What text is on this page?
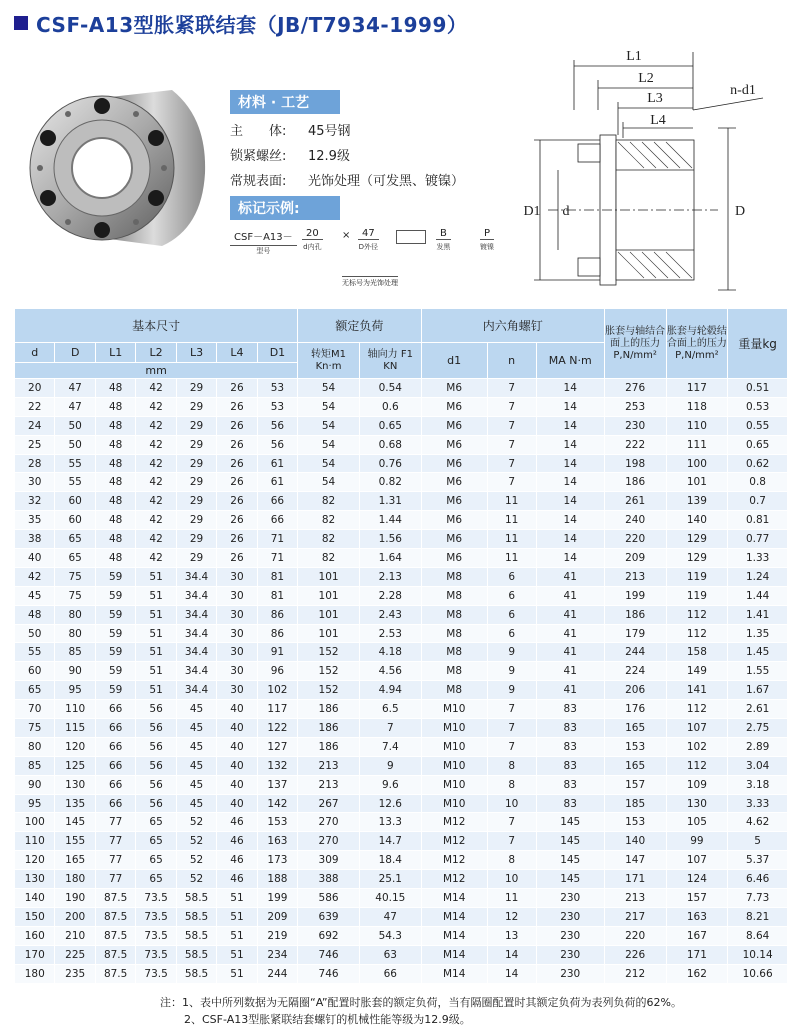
CSF-A13型胀紧联结套（JB/T7934-1999）
材料 · 工艺
主　　体: 45号钢
锁紧螺丝: 12.9级
常规表面: 光饰处理（可发黑、镀镍）
标记示例:
CSF－A13－
型号
20
d内孔
×	47
D外径
B
发黑
P
镀镍
无标号为光饰处理
L1
L2
L3
L4
n-d1
D1 d	D
基本尺寸							额定负荷		内六角螺钉			胀套与轴结合面上的压力P,N/mm²	胀套与轮毂结合面上的压力P,N/mm²	重量kg
d	D	L1	L2	L3	L4	D1	转矩M1 Kn·m	轴向力 F1 KN	d1	n	MA N·m			
mm														
20	47	48	42	29	26	53	54	0.54	M6	7	14	276	117	0.51
22	47	48	42	29	26	53	54	0.6	M6	7	14	253	118	0.53
24	50	48	42	29	26	56	54	0.65	M6	7	14	230	110	0.55
25	50	48	42	29	26	56	54	0.68	M6	7	14	222	111	0.65
28	55	48	42	29	26	61	54	0.76	M6	7	14	198	100	0.62
30	55	48	42	29	26	61	54	0.82	M6	7	14	186	101	0.8
32	60	48	42	29	26	66	82	1.31	M6	11	14	261	139	0.7
35	60	48	42	29	26	66	82	1.44	M6	11	14	240	140	0.81
38	65	48	42	29	26	71	82	1.56	M6	11	14	220	129	0.77
40	65	48	42	29	26	71	82	1.64	M6	11	14	209	129	1.33
42	75	59	51	34.4	30	81	101	2.13	M8	6	41	213	119	1.24
45	75	59	51	34.4	30	81	101	2.28	M8	6	41	199	119	1.44
48	80	59	51	34.4	30	86	101	2.43	M8	6	41	186	112	1.41
50	80	59	51	34.4	30	86	101	2.53	M8	6	41	179	112	1.35
55	85	59	51	34.4	30	91	152	4.18	M8	9	41	244	158	1.45
60	90	59	51	34.4	30	96	152	4.56	M8	9	41	224	149	1.55
65	95	59	51	34.4	30	102	152	4.94	M8	9	41	206	141	1.67
70	110	66	56	45	40	117	186	6.5	M10	7	83	176	112	2.61
75	115	66	56	45	40	122	186	7	M10	7	83	165	107	2.75
80	120	66	56	45	40	127	186	7.4	M10	7	83	153	102	2.89
85	125	66	56	45	40	132	213	9	M10	8	83	165	112	3.04
90	130	66	56	45	40	137	213	9.6	M10	8	83	157	109	3.18
95	135	66	56	45	40	142	267	12.6	M10	10	83	185	130	3.33
100	145	77	65	52	46	153	270	13.3	M12	7	145	153	105	4.62
110	155	77	65	52	46	163	270	14.7	M12	7	145	140	99	5
120	165	77	65	52	46	173	309	18.4	M12	8	145	147	107	5.37
130	180	77	65	52	46	188	388	25.1	M12	10	145	171	124	6.46
140	190	87.5	73.5	58.5	51	199	586	40.15	M14	11	230	213	157	7.73
150	200	87.5	73.5	58.5	51	209	639	47	M14	12	230	217	163	8.21
160	210	87.5	73.5	58.5	51	219	692	54.3	M14	13	230	220	167	8.64
170	225	87.5	73.5	58.5	51	234	746	63	M14	14	230	226	171	10.14
180	235	87.5	73.5	58.5	51	244	746	66	M14	14	230	212	162	10.66
注：1、表中所列数据为无隔圈“A”配置时胀套的额定负荷，当有隔圈配置时其额定负荷为表列负荷的62%。
2、CSF-A13型胀紧联结套螺钉的机械性能等级为12.9级。
